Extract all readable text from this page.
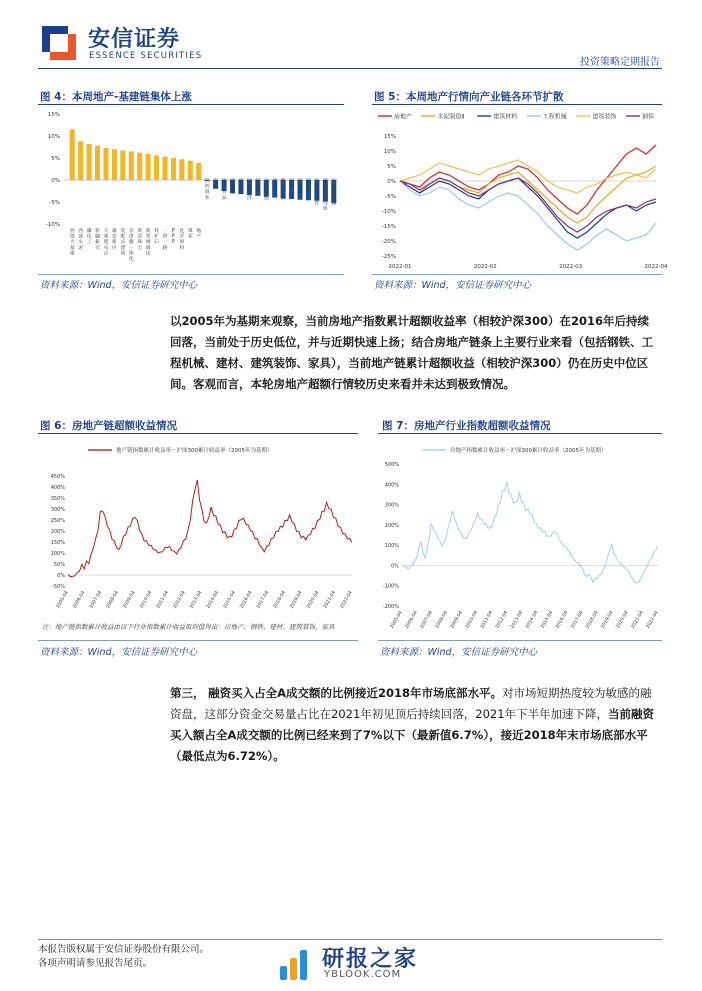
安信证券
ESSENCE SECURITIES
投资策略定期报告
图 4：本周地产-基建链集体上涨
15%
10%
5%
0%
-5%
-10%
西部大基建
西部水泥
磷化工
新疆振兴
大基建央企
雄安新区
装配式建筑
京津冀一体化
黄金珠宝
新型城镇化
铁矿石
一带一路
P P P
化学原料
煤炭
地产
医药商业
光伏
休闲食品
锂电池
创新药
网红经济
特斯拉
动力电池
储能
锂电负极
饲料
光刻胶
军工
汽车零部件
第三代半导体
光伏逆变器
资料来源：Wind，安信证券研究中心
图 5：本周地产行情向产业链各环节扩散
15%
10%
5%
0%
-5%
-10%
-15%
-20%
-25%
房地产	水泥制造Ⅱ	建筑材料	工程机械	建筑装饰	钢铁
2022-01	2022-02	2022-03	2022-04
资料来源：Wind，安信证券研究中心
以2005年为基期来观察，当前房地产指数累计超额收益率（相较沪深300）在2016年后持续回落，当前处于历史低位，并与近期快速上扬；结合房地产链条上主要行业来看（包括钢铁、工程机械、建材、建筑装饰、家具），当前地产链累计超额收益（相较沪深300）仍在历史中位区间。客观而言，本轮房地产超额行情较历史来看并未达到极致情况。
图 6：房地产链超额收益情况
450%
400%
350%
300%
250%
200%
150%
100%
50%
0%
-50%
地产链指数累计收益率－沪深300累计收益率（2005年为基期）
2005-04 2006-04 2007-04 2008-04 2009-04 2010-04 2011-04 2012-04 2013-04 2014-04 2015-04 2016-04 2017-04 2018-04 2019-04 2020-04 2021-04 2022-04
注：地产链指数累计收益由以下行业指数累计收益取均值得出：房地产、钢铁、建材、建筑装饰、家具
资料来源：Wind，安信证券研究中心
图 7：房地产行业指数超额收益情况
500%
400%
300%
200%
100%
0%
-100%
-200%
房地产指数累计收益率－沪深300累计收益率（2005年为基期）
2005-04 2006-04 2007-04 2008-04 2009-04 2010-04 2011-04 2012-04 2013-04 2014-04 2015-04 2016-04 2017-04 2018-04 2019-04 2020-04 2021-04 2022-04
资料来源：Wind，安信证券研究中心
第三， 融资买入占全A成交额的比例接近2018年市场底部水平。对市场短期热度较为敏感的融资盘，这部分资金交易量占比在2021年初见顶后持续回落，2021年下半年加速下降，当前融资买入额占全A成交额的比例已经来到了7%以下（最新值6.7%），接近2018年末市场底部水平（最低点为6.72%）。
本报告版权属于安信证券股份有限公司。
各项声明请参见报告尾页。	研报之家
YBLOOK.COM
